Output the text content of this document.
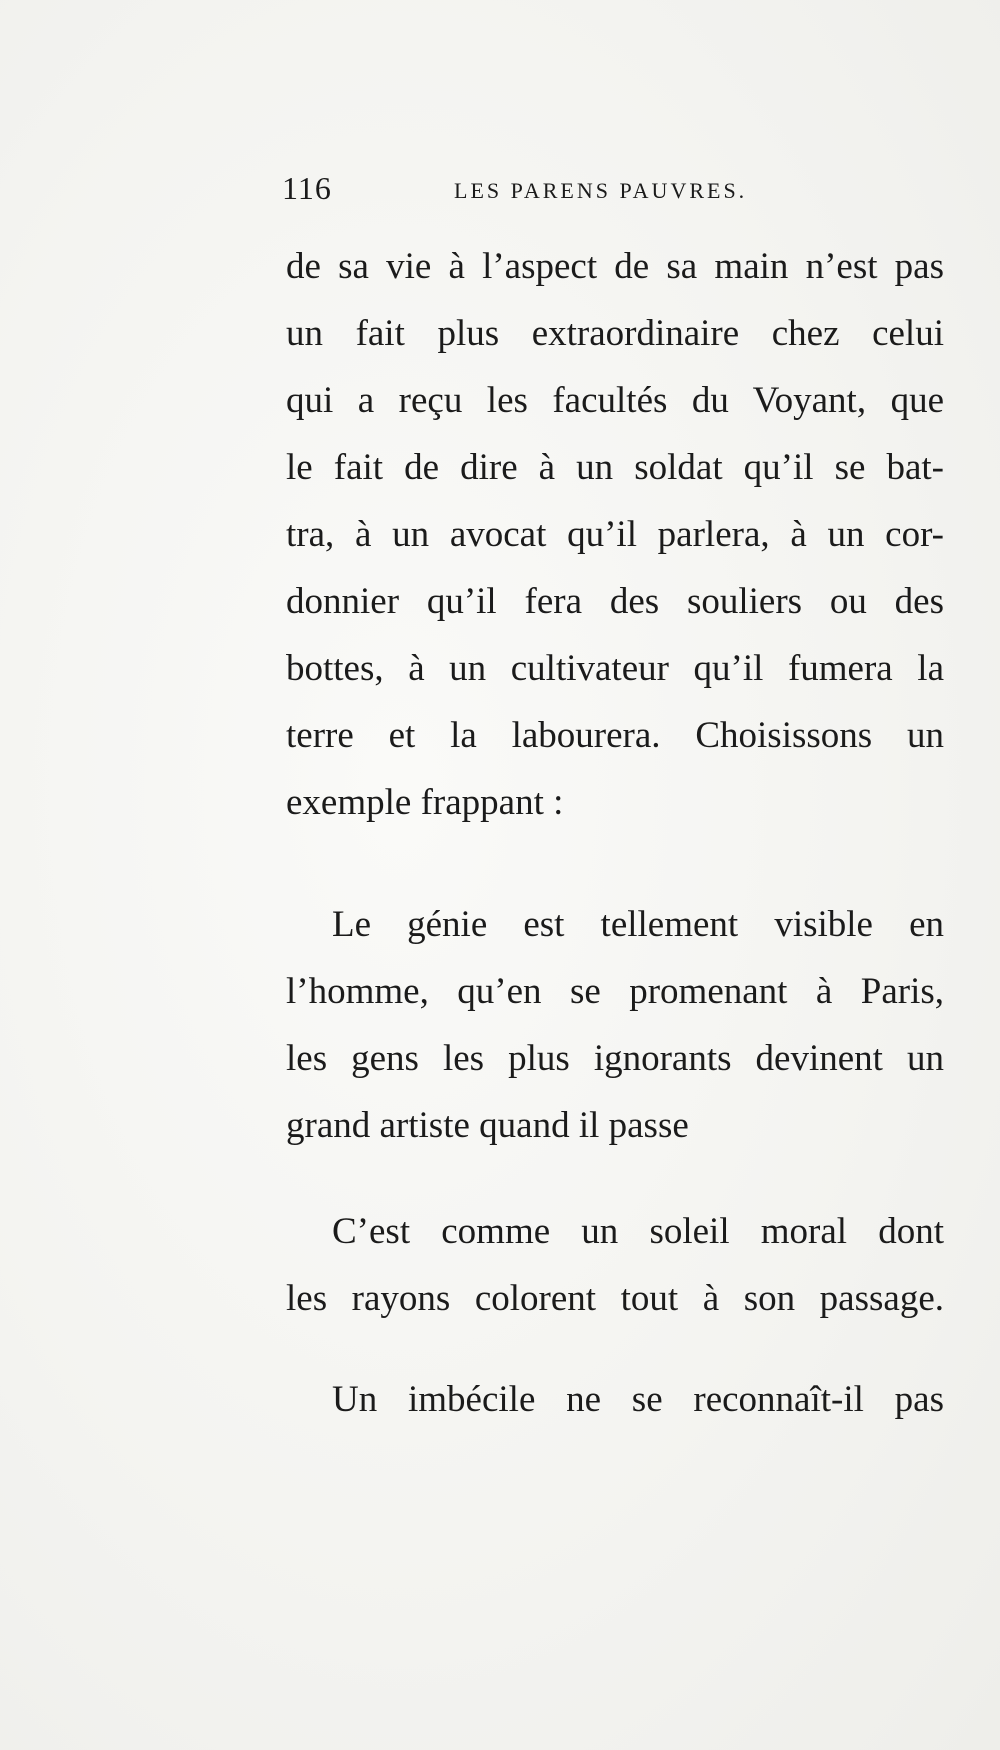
116	LES PARENS PAUVRES.
de sa vie à l’aspect de sa main n’est pas
un fait plus extraordinaire chez celui
qui a reçu les facultés du Voyant, que
le fait de dire à un soldat qu’il se bat-
tra, à un avocat qu’il parlera, à un cor-
donnier qu’il fera des souliers ou des
bottes, à un cultivateur qu’il fumera la
terre et la labourera. Choisissons un
exemple frappant :
Le génie est tellement visible en
l’homme, qu’en se promenant à Paris,
les gens les plus ignorants devinent un
grand artiste quand il passe
C’est comme un soleil moral dont
les rayons colorent tout à son passage.
Un imbécile ne se reconnaît-il pas
